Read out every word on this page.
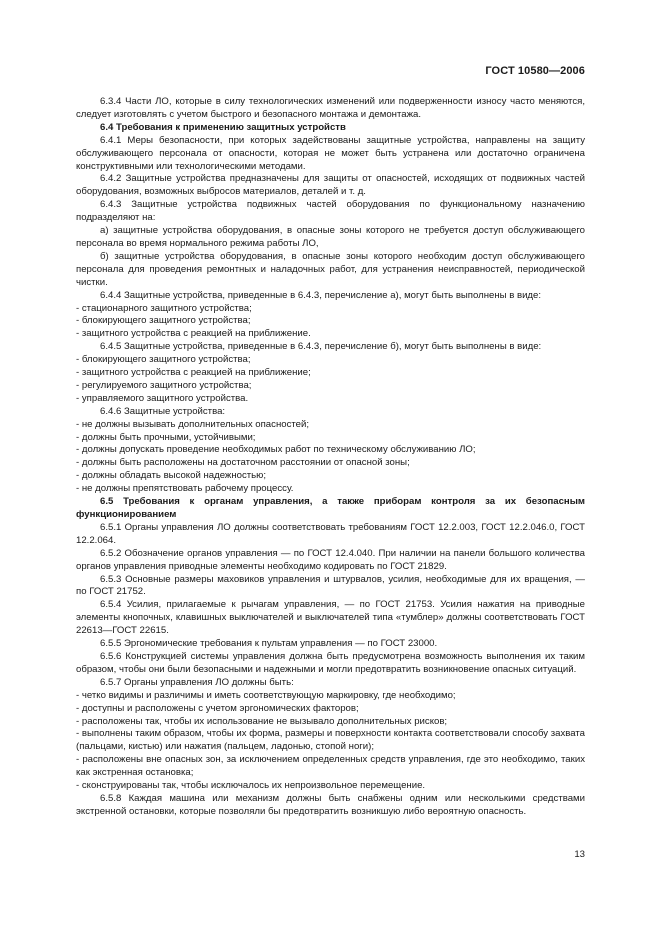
ГОСТ 10580—2006

6.3.4 Части ЛО, которые в силу технологических изменений или подверженности износу часто меняются, следует изготовлять с учетом быстрого и безопасного монтажа и демонтажа.

6.4 Требования к применению защитных устройств

6.4.1 Меры безопасности, при которых задействованы защитные устройства, направлены на защиту обслуживающего персонала от опасности, которая не может быть устранена или достаточно ограничена конструктивными или технологическими методами.

6.4.2 Защитные устройства предназначены для защиты от опасностей, исходящих от подвижных частей оборудования, возможных выбросов материалов, деталей и т. д.

6.4.3 Защитные устройства подвижных частей оборудования по функциональному назначению подразделяют на:

а) защитные устройства оборудования, в опасные зоны которого не требуется доступ обслуживающего персонала во время нормального режима работы ЛО,

б) защитные устройства оборудования, в опасные зоны которого необходим доступ обслуживающего персонала для проведения ремонтных и наладочных работ, для устранения неисправностей, периодической чистки.

6.4.4 Защитные устройства, приведенные в 6.4.3, перечисление а), могут быть выполнены в виде:

- стационарного защитного устройства;

- блокирующего защитного устройства;

- защитного устройства с реакцией на приближение.

6.4.5 Защитные устройства, приведенные в 6.4.3, перечисление б), могут быть выполнены в виде:

- блокирующего защитного устройства;

- защитного устройства с реакцией на приближение;

- регулируемого защитного устройства;

- управляемого защитного устройства.

6.4.6 Защитные устройства:

- не должны вызывать дополнительных опасностей;

- должны быть прочными, устойчивыми;

- должны допускать проведение необходимых работ по техническому обслуживанию ЛО;

- должны быть расположены на достаточном расстоянии от опасной зоны;

- должны обладать высокой надежностью;

- не должны препятствовать рабочему процессу.

6.5 Требования к органам управления, а также приборам контроля за их безопасным функционированием

6.5.1 Органы управления ЛО должны соответствовать требованиям ГОСТ 12.2.003, ГОСТ 12.2.046.0, ГОСТ 12.2.064.

6.5.2 Обозначение органов управления — по ГОСТ 12.4.040. При наличии на панели большого количества органов управления приводные элементы необходимо кодировать по ГОСТ 21829.

6.5.3 Основные размеры маховиков управления и штурвалов, усилия, необходимые для их вращения, — по ГОСТ 21752.

6.5.4 Усилия, прилагаемые к рычагам управления, — по ГОСТ 21753. Усилия нажатия на приводные элементы кнопочных, клавишных выключателей и выключателей типа «тумблер» должны соответствовать ГОСТ 22613—ГОСТ 22615.

6.5.5 Эргономические требования к пультам управления — по ГОСТ 23000.

6.5.6 Конструкцией системы управления должна быть предусмотрена возможность выполнения их таким образом, чтобы они были безопасными и надежными и могли предотвратить возникновение опасных ситуаций.

6.5.7 Органы управления ЛО должны быть:

- четко видимы и различимы и иметь соответствующую маркировку, где необходимо;

- доступны и расположены с учетом эргономических факторов;

- расположены так, чтобы их использование не вызывало дополнительных рисков;

- выполнены таким образом, чтобы их форма, размеры и поверхности контакта соответствовали способу захвата (пальцами, кистью) или нажатия (пальцем, ладонью, стопой ноги);

- расположены вне опасных зон, за исключением определенных средств управления, где это необходимо, таких как экстренная остановка;

- сконструированы так, чтобы исключалось их непроизвольное перемещение.

6.5.8 Каждая машина или механизм должны быть снабжены одним или несколькими средствами экстренной остановки, которые позволяли бы предотвратить возникшую либо вероятную опасность.

13
